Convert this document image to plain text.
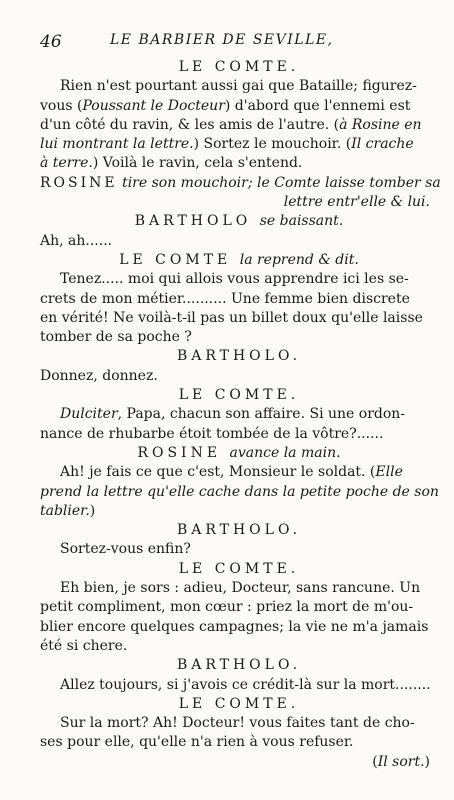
46	LE BARBIER DE SEVILLE,
LE COMTE.
Rien n'est pourtant aussi gai que Bataille; figurez-
vous (Poussant le Docteur) d'abord que l'ennemi est
d'un côté du ravin, & les amis de l'autre. (à Rosine en
lui montrant la lettre.) Sortez le mouchoir. (Il crache
à terre.) Voilà le ravin, cela s'entend.
ROSINE tire son mouchoir; le Comte laisse tomber sa
lettre entr'elle & lui.
BARTHOLO se baissant.
Ah, ah......
LE COMTE la reprend & dit.
Tenez..... moi qui allois vous apprendre ici les se-
crets de mon métier.......... Une femme bien discrete
en vérité! Ne voilà-t-il pas un billet doux qu'elle laisse
tomber de sa poche ?
BARTHOLO.
Donnez, donnez.
LE COMTE.
Dulciter, Papa, chacun son affaire. Si une ordon-
nance de rhubarbe étoit tombée de la vôtre?......
ROSINE avance la main.
Ah! je fais ce que c'est, Monsieur le soldat. (Elle
prend la lettre qu'elle cache dans la petite poche de son
tablier.)
BARTHOLO.
Sortez-vous enfin?
LE COMTE.
Eh bien, je sors : adieu, Docteur, sans rancune. Un
petit compliment, mon cœur : priez la mort de m'ou-
blier encore quelques campagnes; la vie ne m'a jamais
été si chere.
BARTHOLO.
Allez toujours, si j'avois ce crédit-là sur la mort........
LE COMTE.
Sur la mort? Ah! Docteur! vous faites tant de cho-
ses pour elle, qu'elle n'a rien à vous refuser.
(Il sort.)
